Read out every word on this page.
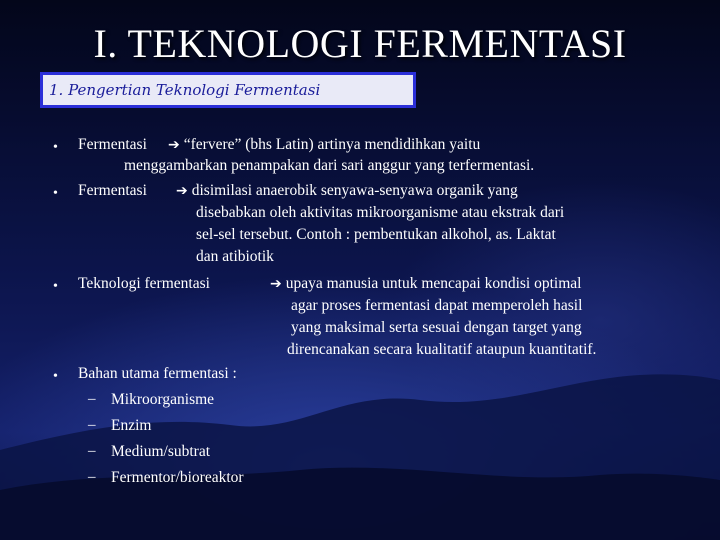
I. TEKNOLOGI FERMENTASI
1. Pengertian Teknologi Fermentasi
• Fermentasi ➔ “fervere” (bhs Latin) artinya mendidihkan yaitu
menggambarkan penampakan dari sari anggur yang terfermentasi.
• Fermentasi ➔ disimilasi anaerobik senyawa-senyawa organik yang
disebabkan oleh aktivitas mikroorganisme atau ekstrak dari
sel-sel tersebut. Contoh : pembentukan alkohol, as. Laktat
dan atibiotik
• Teknologi fermentasi	➔ upaya manusia untuk mencapai kondisi optimal
agar proses fermentasi dapat memperoleh hasil
yang maksimal serta sesuai dengan target yang
direncanakan secara kualitatif ataupun kuantitatif.
• Bahan utama fermentasi :
– Mikroorganisme
– Enzim
– Medium/subtrat
– Fermentor/bioreaktor
